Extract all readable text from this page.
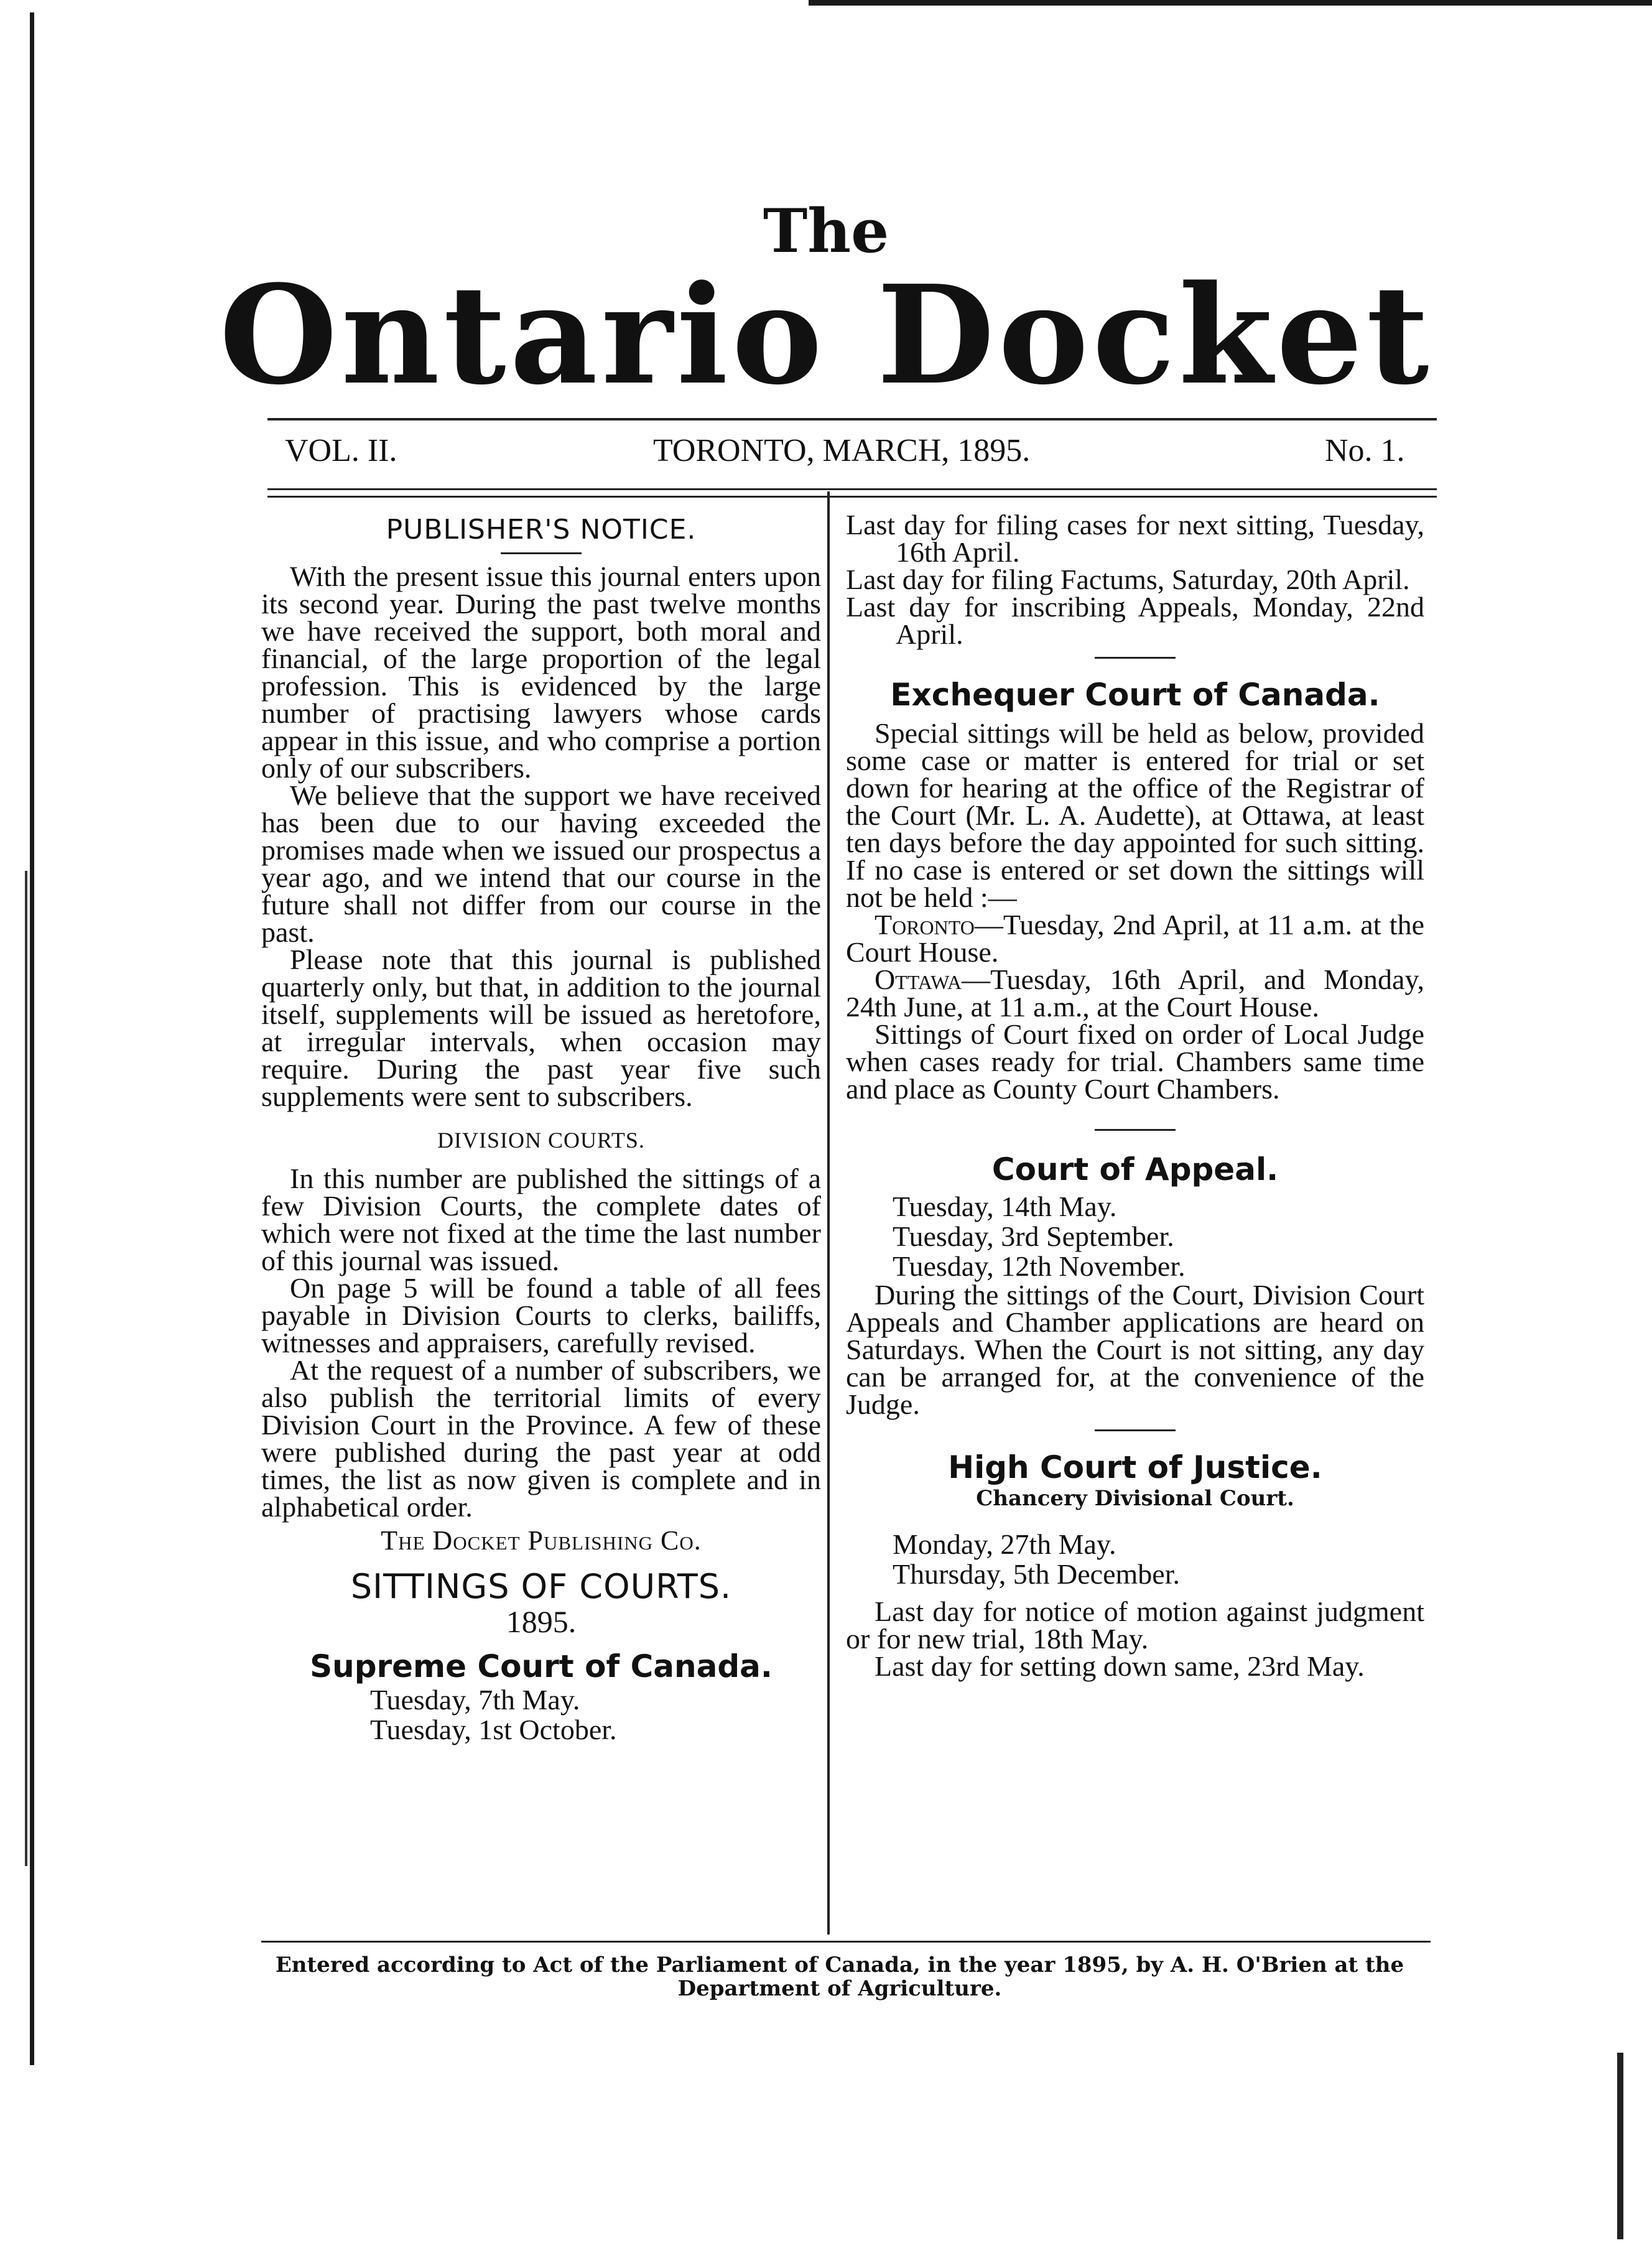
The
Ontario Docket
VOL. II.	TORONTO, MARCH, 1895.	No. 1.
PUBLISHER'S NOTICE.

With the present issue this journal enters upon its second year. During the past twelve months we have received the support, both moral and financial, of the large proportion of the legal profession. This is evidenced by the large number of practising lawyers whose cards appear in this issue, and who comprise a portion only of our subscribers.

We believe that the support we have received has been due to our having exceeded the promises made when we issued our prospectus a year ago, and we intend that our course in the future shall not differ from our course in the past.

Please note that this journal is published quarterly only, but that, in addition to the journal itself, supplements will be issued as heretofore, at irregular intervals, when occasion may require. During the past year five such supplements were sent to subscribers.

DIVISION COURTS.

In this number are published the sittings of a few Division Courts, the complete dates of which were not fixed at the time the last number of this journal was issued.

On page 5 will be found a table of all fees payable in Division Courts to clerks, bailiffs, witnesses and appraisers, carefully revised.

At the request of a number of subscribers, we also publish the territorial limits of every Division Court in the Province. A few of these were published during the past year at odd times, the list as now given is complete and in alphabetical order.

The Docket Publishing Co.
SITTINGS OF COURTS.
1895.
Supreme Court of Canada.
Tuesday, 7th May.
Tuesday, 1st October.

Last day for filing cases for next sitting, Tuesday, 16th April.

Last day for filing Factums, Saturday, 20th April.

Last day for inscribing Appeals, Monday, 22nd April.

Exchequer Court of Canada.

Special sittings will be held as below, provided some case or matter is entered for trial or set down for hearing at the office of the Registrar of the Court (Mr. L. A. Audette), at Ottawa, at least ten days before the day appointed for such sitting. If no case is entered or set down the sittings will not be held :—

Toronto—Tuesday, 2nd April, at 11 a.m. at the Court House.

Ottawa—Tuesday, 16th April, and Monday, 24th June, at 11 a.m., at the Court House.

Sittings of Court fixed on order of Local Judge when cases ready for trial. Chambers same time and place as County Court Chambers.

Court of Appeal.
Tuesday, 14th May.
Tuesday, 3rd September.
Tuesday, 12th November.

During the sittings of the Court, Division Court Appeals and Chamber applications are heard on Saturdays. When the Court is not sitting, any day can be arranged for, at the convenience of the Judge.

High Court of Justice.
Chancery Divisional Court.
Monday, 27th May.
Thursday, 5th December.

Last day for notice of motion against judgment or for new trial, 18th May.

Last day for setting down same, 23rd May.

Entered according to Act of the Parliament of Canada, in the year 1895, by A. H. O'Brien at the Department of Agriculture.
